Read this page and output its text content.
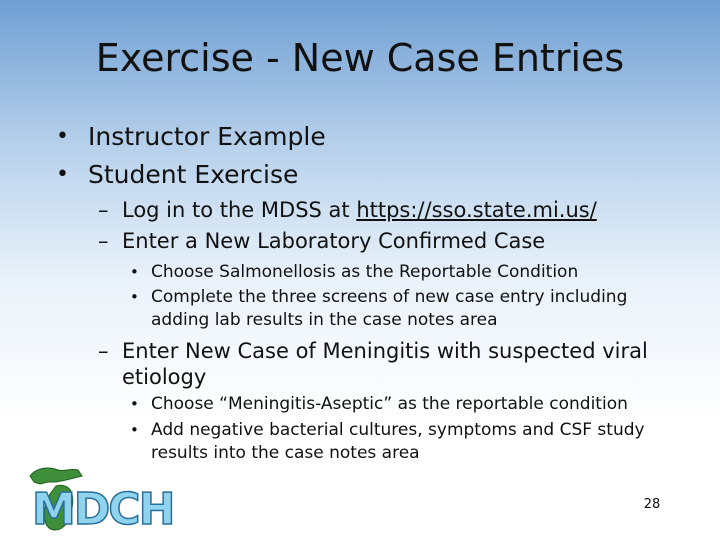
Exercise - New Case Entries
• Instructor Example
• Student Exercise
– Log in to the MDSS at https://sso.state.mi.us/
– Enter a New Laboratory Confirmed Case
• Choose Salmonellosis as the Reportable Condition
• Complete the three screens of new case entry including adding lab results in the case notes area
– Enter New Case of Meningitis with suspected viral etiology
• Choose “Meningitis-Aseptic” as the reportable condition
• Add negative bacterial cultures, symptoms and CSF study results into the case notes area
MDCH	28
